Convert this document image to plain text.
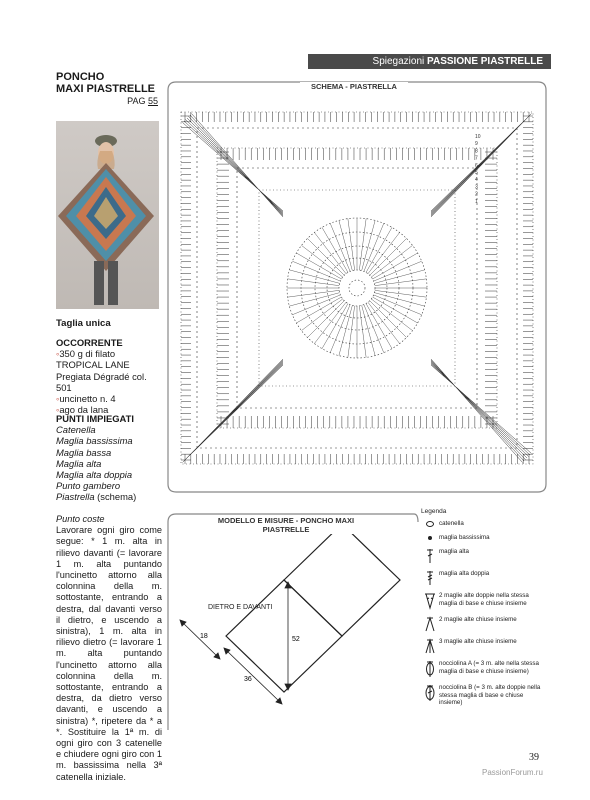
Spiegazioni PASSIONE PIASTRELLE
PONCHO
MAXI PIASTRELLE
PAG 55
Taglia unica
OCCORRENTE
◦350 g di filato TROPICAL LANE Pregiata Dégradé col. 501
◦uncinetto n. 4
◦ago da lana
PUNTI IMPIEGATI
Catenella
Maglia bassissima
Maglia bassa
Maglia alta
Maglia alta doppia
Punto gambero
Piastrella (schema)
Punto coste
Lavorare ogni giro come segue: * 1 m. alta in rilievo davanti (= lavorare 1 m. alta puntando l'uncinetto attorno alla colonnina della m. sottostante, entrando a destra, dal davanti verso il dietro, e uscendo a sinistra), 1 m. alta in rilievo dietro (= lavorare 1 m. alta puntando l'uncinetto attorno alla colonnina della m. sottostante, entrando a destra, da dietro verso davanti, e uscendo a sinistra) *, ripetere da * a *. Sostituire la 1ª m. di ogni giro con 3 catenelle e chiudere ogni giro con 1 m. bassissima nella 3ª catenella iniziale.
10
9
8
7
6
5
4
3
2
1
SCHEMA - PIASTRELLA
DIETRO E DAVANTI
18
36
52
MODELLO E MISURE - PONCHO MAXI PIASTRELLE
Legenda
catenella
maglia bassissima
maglia alta
maglia alta doppia
2 maglie alte doppie nella stessa maglia di base e chiuse insieme
2 maglie alte chiuse insieme
3 maglie alte chiuse insieme
nocciolina A (= 3 m. alte nella stessa maglia di base e chiuse insieme)
nocciolina B (= 3 m. alte doppie nella stessa maglia di base e chiuse insieme)
39
PassionForum.ru
